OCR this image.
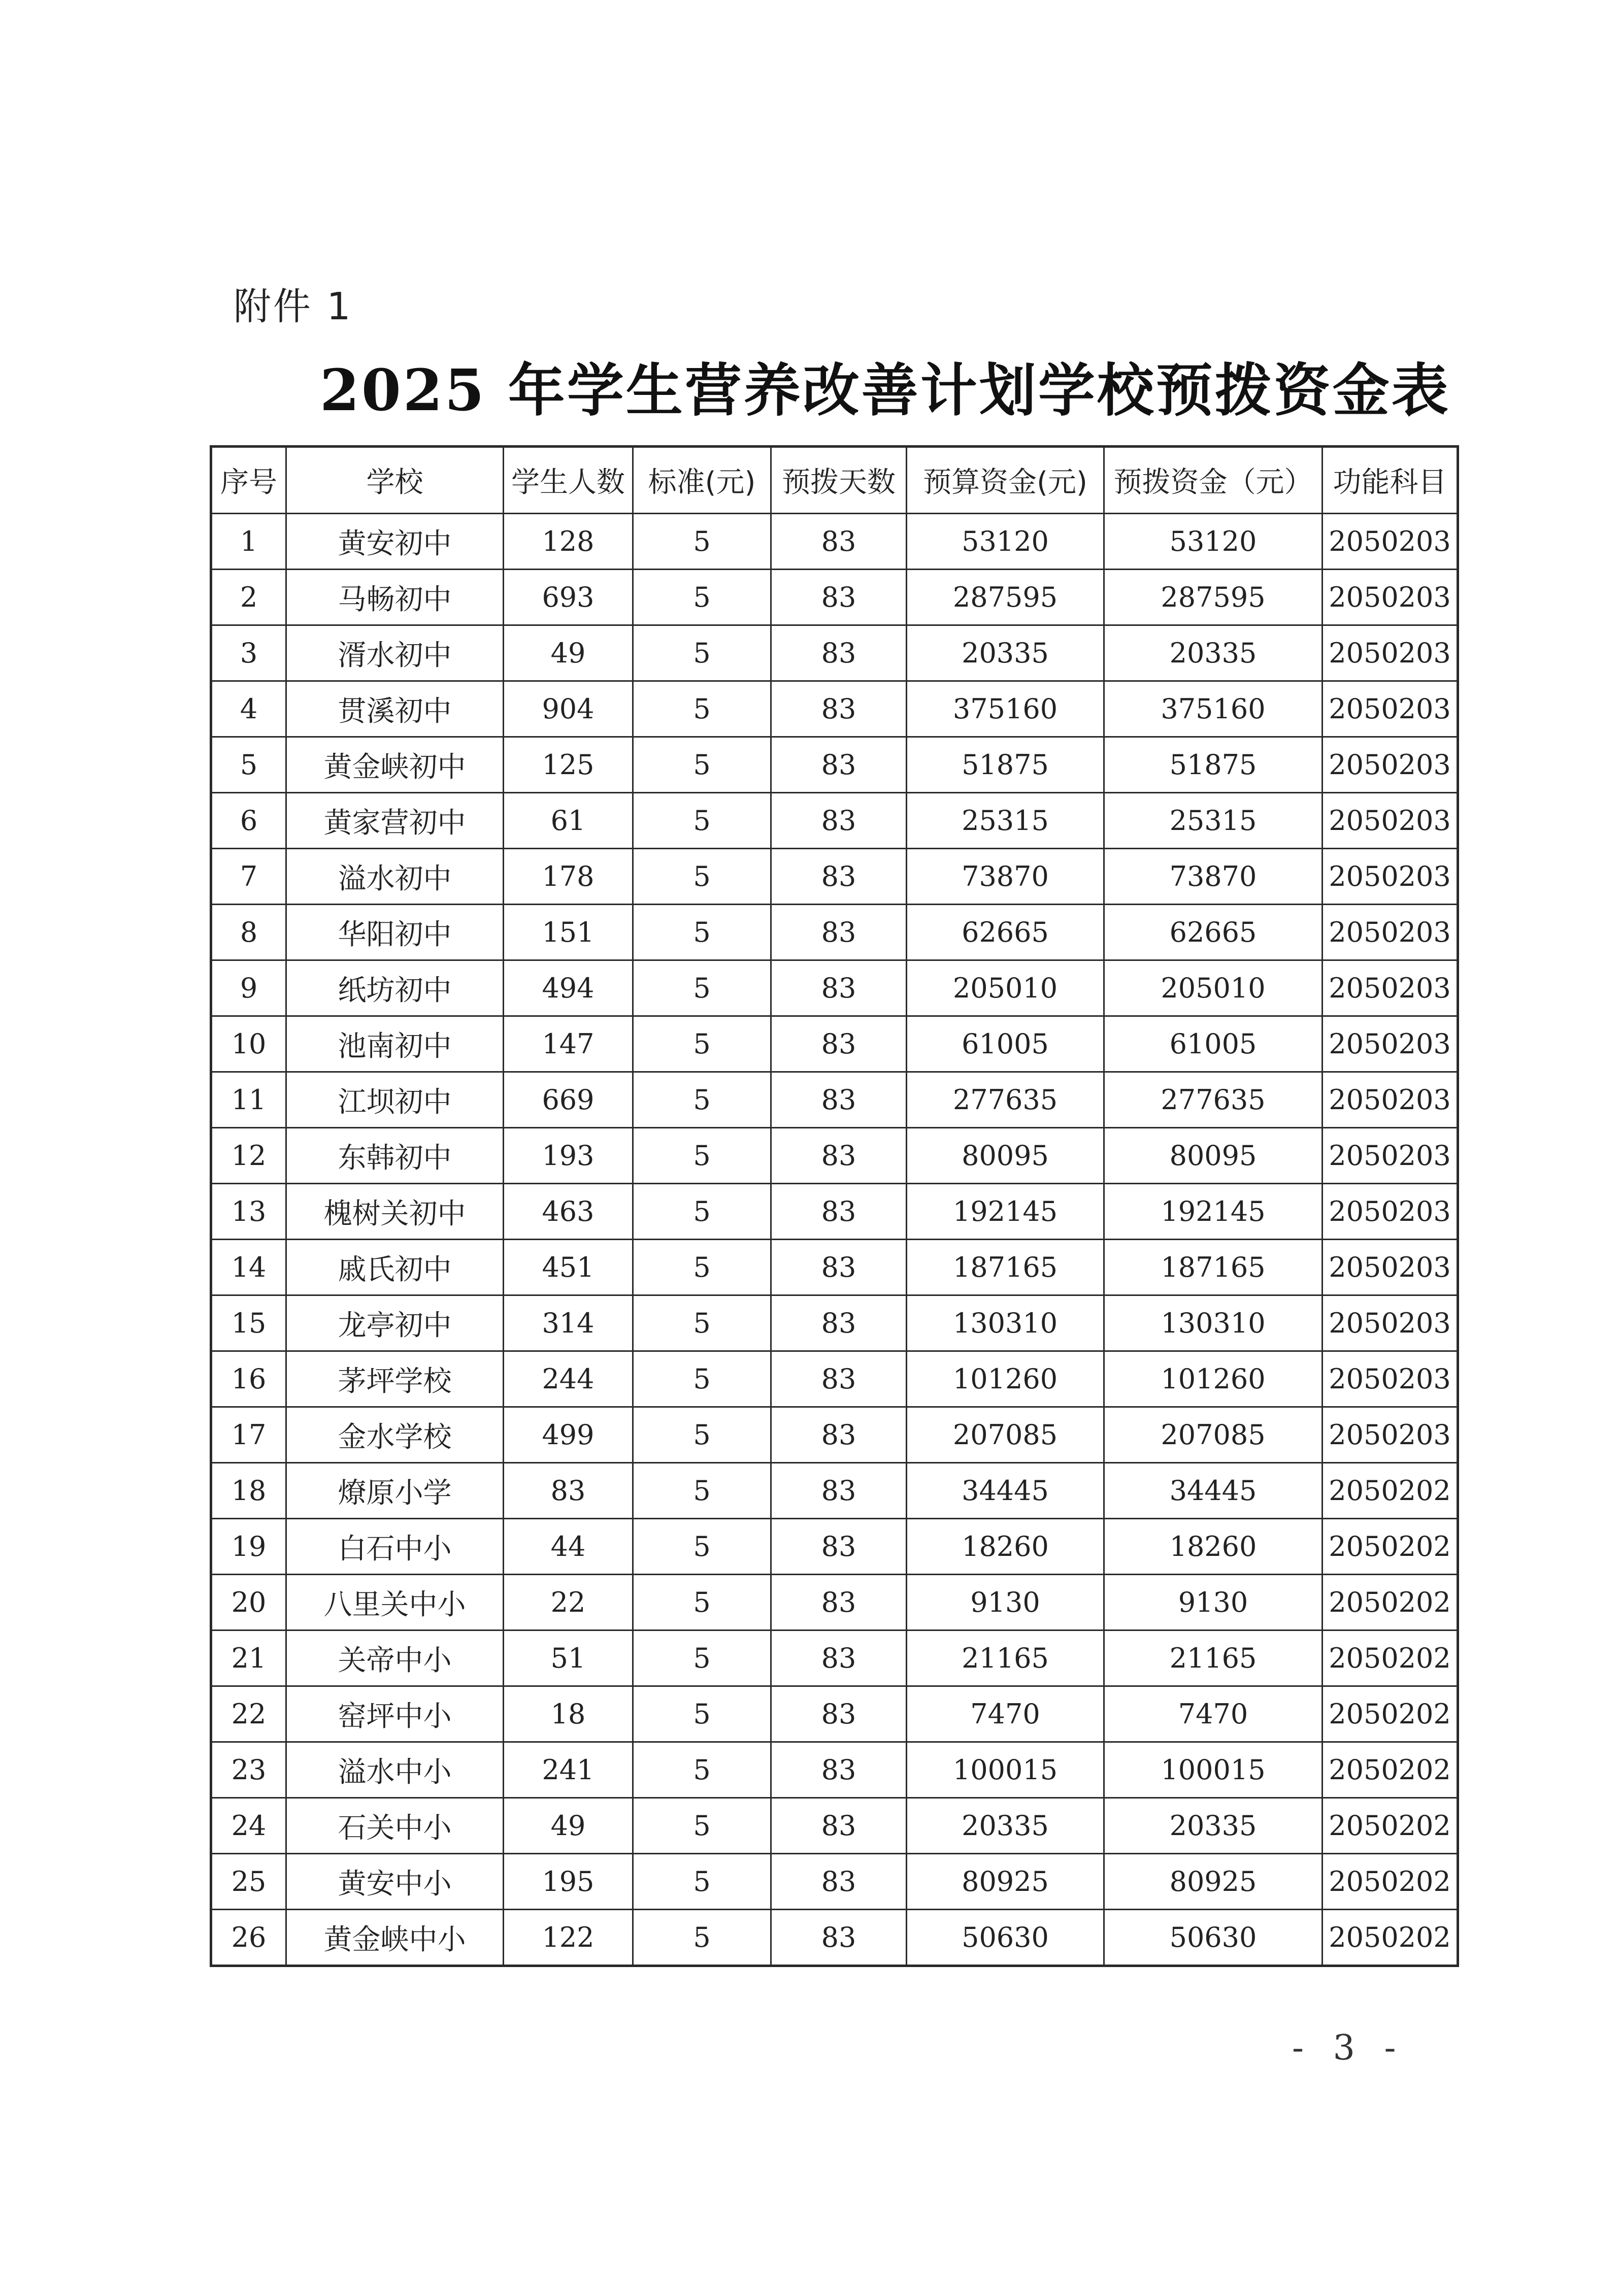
附件 1
2025 年学生营养改善计划学校预拨资金表
序号	学校	学生人数	标准(元)	预拨天数	预算资金(元)	预拨资金（元）	功能科目
1	黄安初中	128	5	83	53120	53120	2050203
2	马畅初中	693	5	83	287595	287595	2050203
3	湑水初中	49	5	83	20335	20335	2050203
4	贯溪初中	904	5	83	375160	375160	2050203
5	黄金峡初中	125	5	83	51875	51875	2050203
6	黄家营初中	61	5	83	25315	25315	2050203
7	溢水初中	178	5	83	73870	73870	2050203
8	华阳初中	151	5	83	62665	62665	2050203
9	纸坊初中	494	5	83	205010	205010	2050203
10	池南初中	147	5	83	61005	61005	2050203
11	江坝初中	669	5	83	277635	277635	2050203
12	东韩初中	193	5	83	80095	80095	2050203
13	槐树关初中	463	5	83	192145	192145	2050203
14	戚氏初中	451	5	83	187165	187165	2050203
15	龙亭初中	314	5	83	130310	130310	2050203
16	茅坪学校	244	5	83	101260	101260	2050203
17	金水学校	499	5	83	207085	207085	2050203
18	燎原小学	83	5	83	34445	34445	2050202
19	白石中小	44	5	83	18260	18260	2050202
20	八里关中小	22	5	83	9130	9130	2050202
21	关帝中小	51	5	83	21165	21165	2050202
22	窑坪中小	18	5	83	7470	7470	2050202
23	溢水中小	241	5	83	100015	100015	2050202
24	石关中小	49	5	83	20335	20335	2050202
25	黄安中小	195	5	83	80925	80925	2050202
26	黄金峡中小	122	5	83	50630	50630	2050202
- 3 -
